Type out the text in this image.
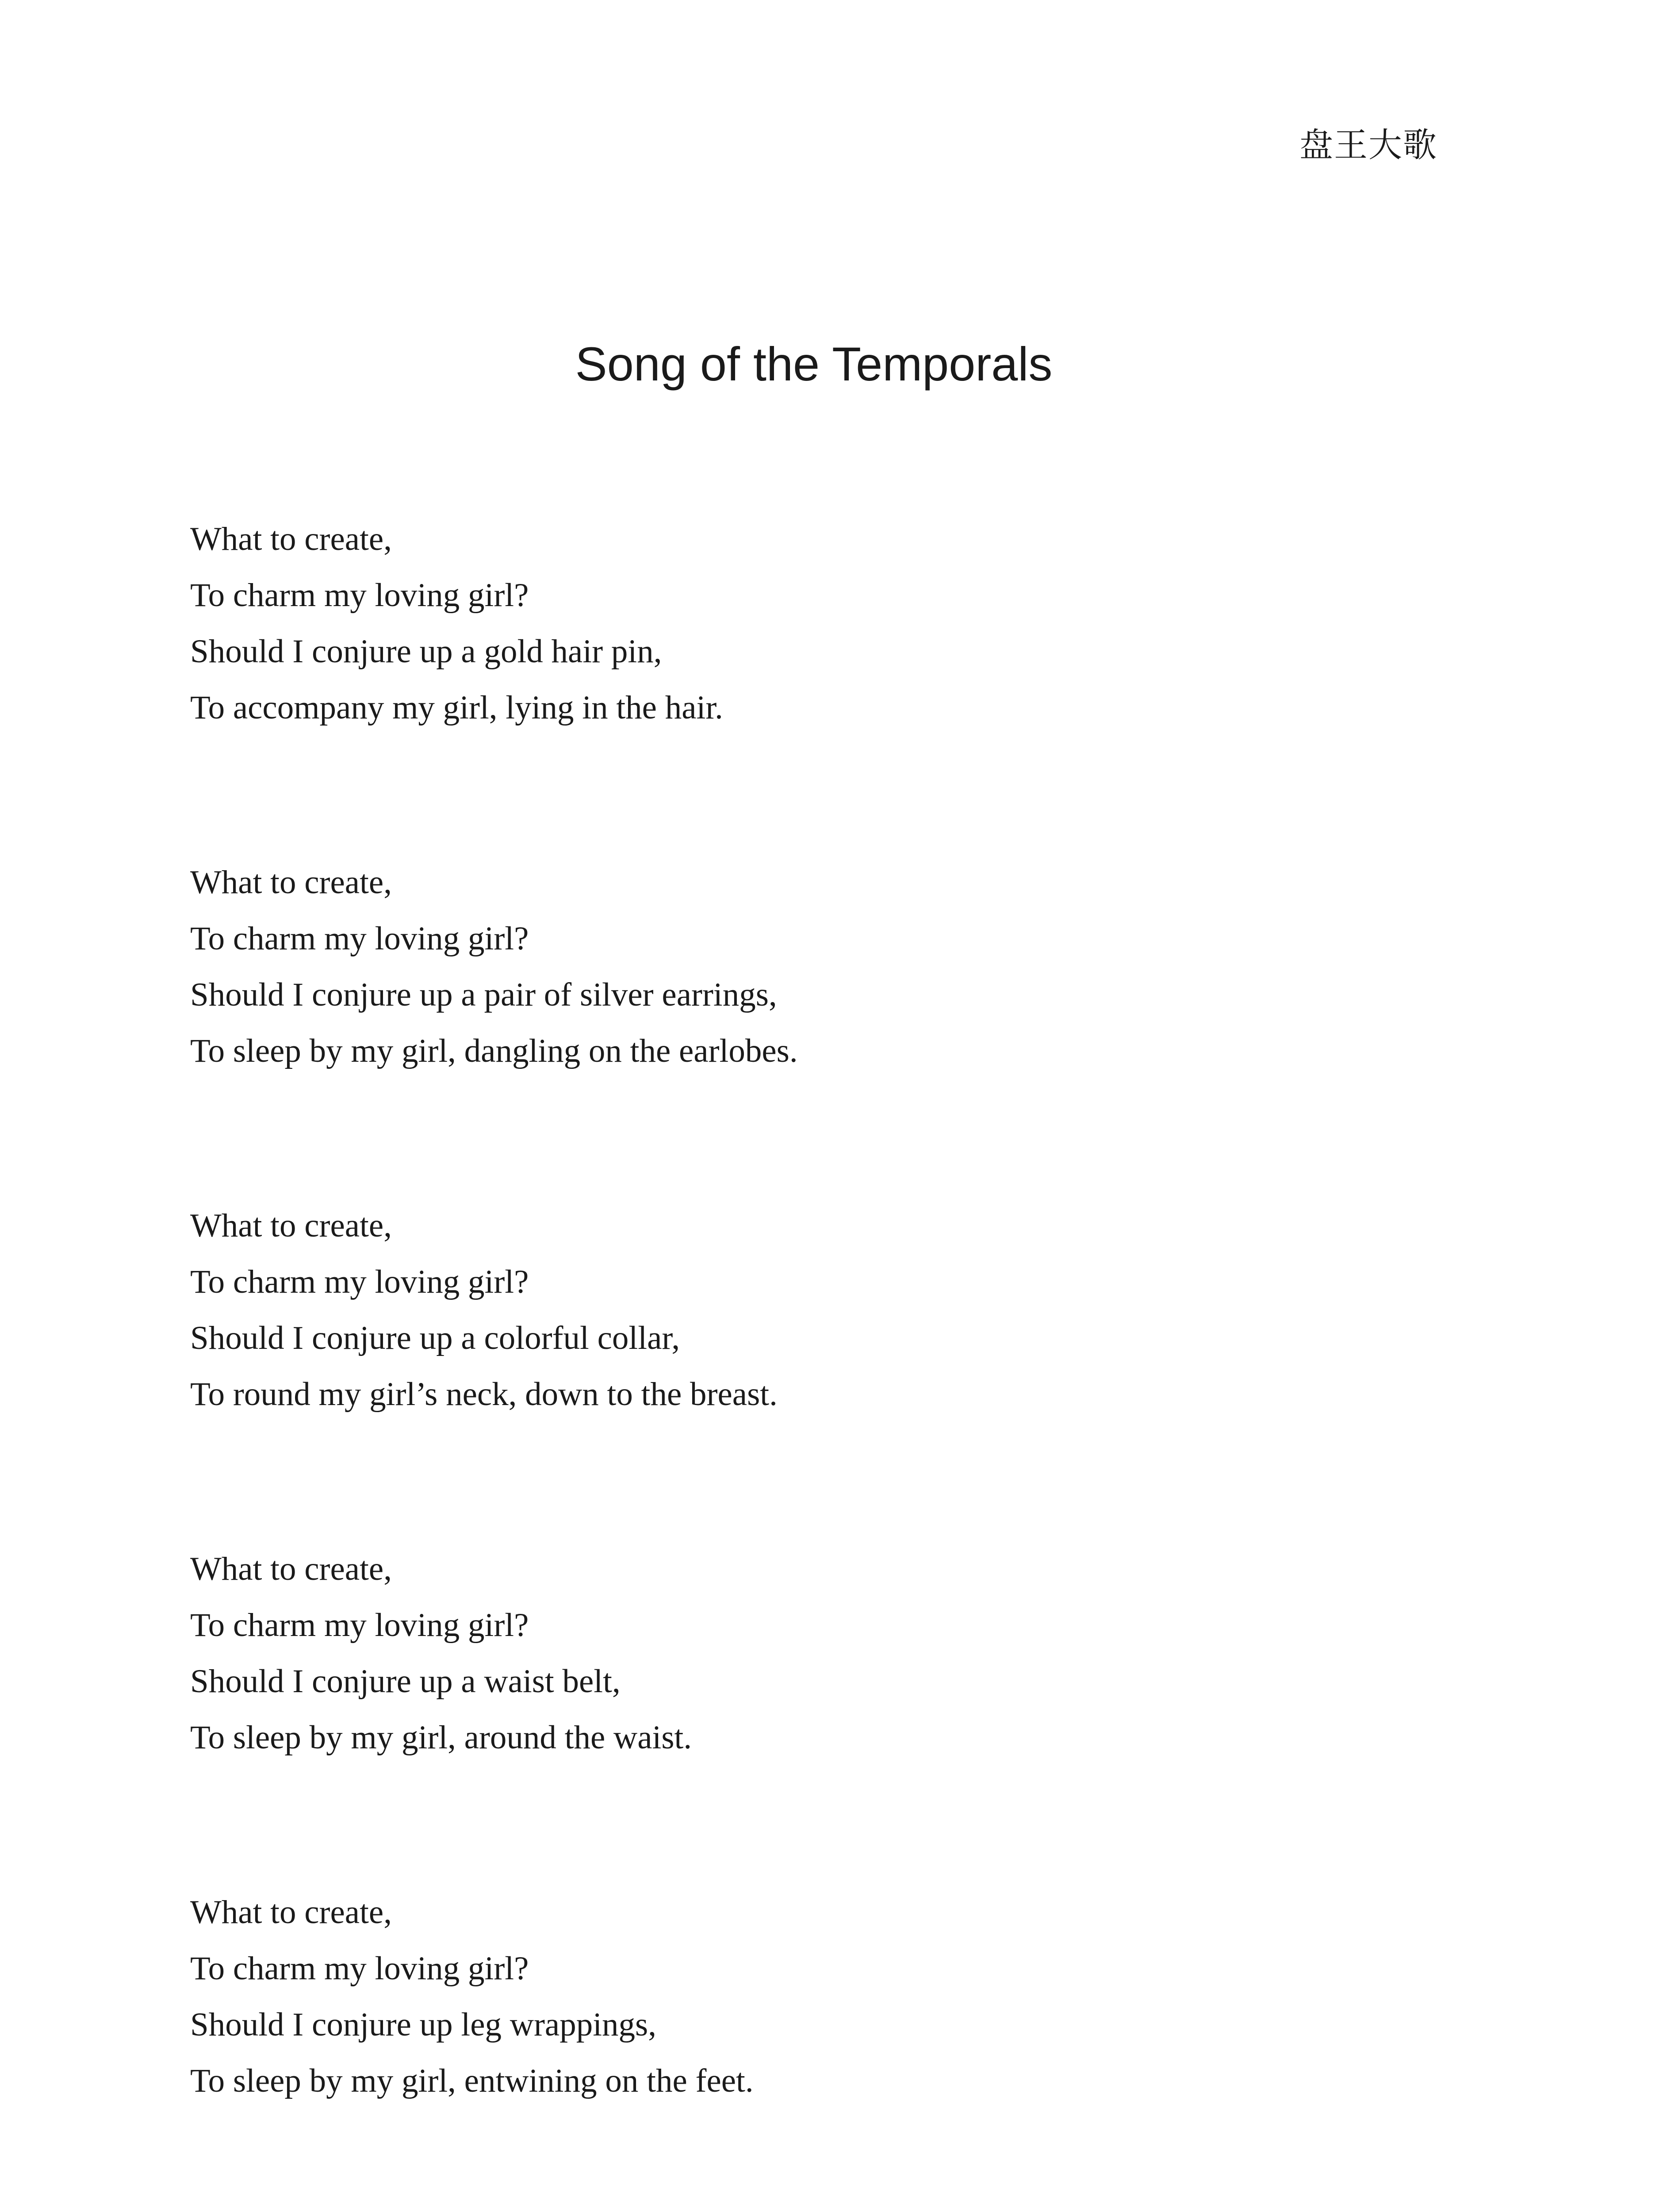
盘王大歌
Song of the Temporals

What to create,
To charm my loving girl?
Should I conjure up a gold hair pin,
To accompany my girl, lying in the hair.

What to create,
To charm my loving girl?
Should I conjure up a pair of silver earrings,
To sleep by my girl, dangling on the earlobes.

What to create,
To charm my loving girl?
Should I conjure up a colorful collar,
To round my girl’s neck, down to the breast.

What to create,
To charm my loving girl?
Should I conjure up a waist belt,
To sleep by my girl, around the waist.

What to create,
To charm my loving girl?
Should I conjure up leg wrappings,
To sleep by my girl, entwining on the feet.
